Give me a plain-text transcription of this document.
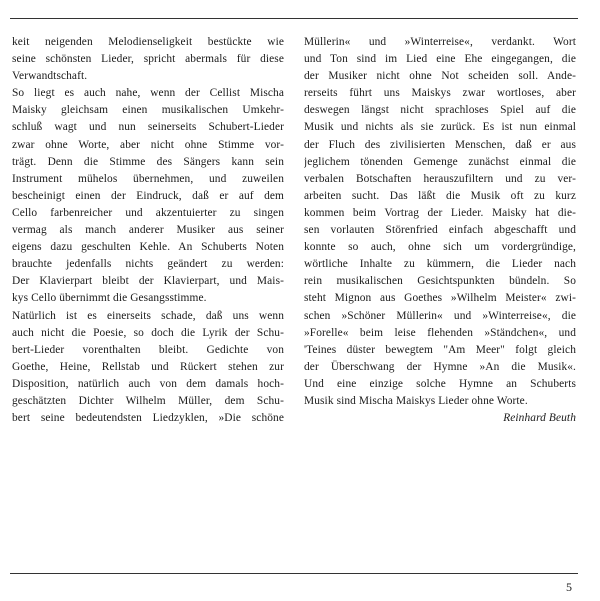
keit neigenden Melodienseligkeit bestückte wie
seine schönsten Lieder, spricht abermals für diese
Verwandtschaft.
So liegt es auch nahe, wenn der Cellist Mischa
Maisky gleichsam einen musikalischen Umkehr-
schluß wagt und nun seinerseits Schubert-Lieder
zwar ohne Worte, aber nicht ohne Stimme vor-
trägt. Denn die Stimme des Sängers kann sein
Instrument mühelos übernehmen, und zuweilen
bescheinigt einen der Eindruck, daß er auf dem
Cello farbenreicher und akzentuierter zu singen
vermag als manch anderer Musiker aus seiner
eigens dazu geschulten Kehle. An Schuberts Noten
brauchte jedenfalls nichts geändert zu werden:
Der Klavierpart bleibt der Klavierpart, und Mais-
kys Cello übernimmt die Gesangsstimme.
Natürlich ist es einerseits schade, daß uns wenn
auch nicht die Poesie, so doch die Lyrik der Schu-
bert-Lieder vorenthalten bleibt. Gedichte von
Goethe, Heine, Rellstab und Rückert stehen zur
Disposition, natürlich auch von dem damals hoch-
geschätzten Dichter Wilhelm Müller, dem Schu-
bert seine bedeutendsten Liedzyklen, »Die schöne
Müllerin« und »Winterreise«, verdankt. Wort
und Ton sind im Lied eine Ehe eingegangen, die
der Musiker nicht ohne Not scheiden soll. Ande-
rerseits führt uns Maiskys zwar wortloses, aber
deswegen längst nicht sprachloses Spiel auf die
Musik und nichts als sie zurück. Es ist nun einmal
der Fluch des zivilisierten Menschen, daß er aus
jeglichem tönenden Gemenge zunächst einmal die
verbalen Botschaften herauszufiltern und zu ver-
arbeiten sucht. Das läßt die Musik oft zu kurz
kommen beim Vortrag der Lieder. Maisky hat die-
sen vorlauten Störenfried einfach abgeschafft und
konnte so auch, ohne sich um vordergründige,
wörtliche Inhalte zu kümmern, die Lieder nach
rein musikalischen Gesichtspunkten bündeln. So
steht Mignon aus Goethes »Wilhelm Meister« zwi-
schen »Schöner Müllerin« und »Winterreise«, die
»Forelle« beim leise flehenden »Ständchen«, und
'Teines düster bewegtem "Am Meer" folgt gleich
der Überschwang der Hymne »An die Musik«.
Und eine einzige solche Hymne an Schuberts
Musik sind Mischa Maiskys Lieder ohne Worte.
Reinhard Beuth
5
